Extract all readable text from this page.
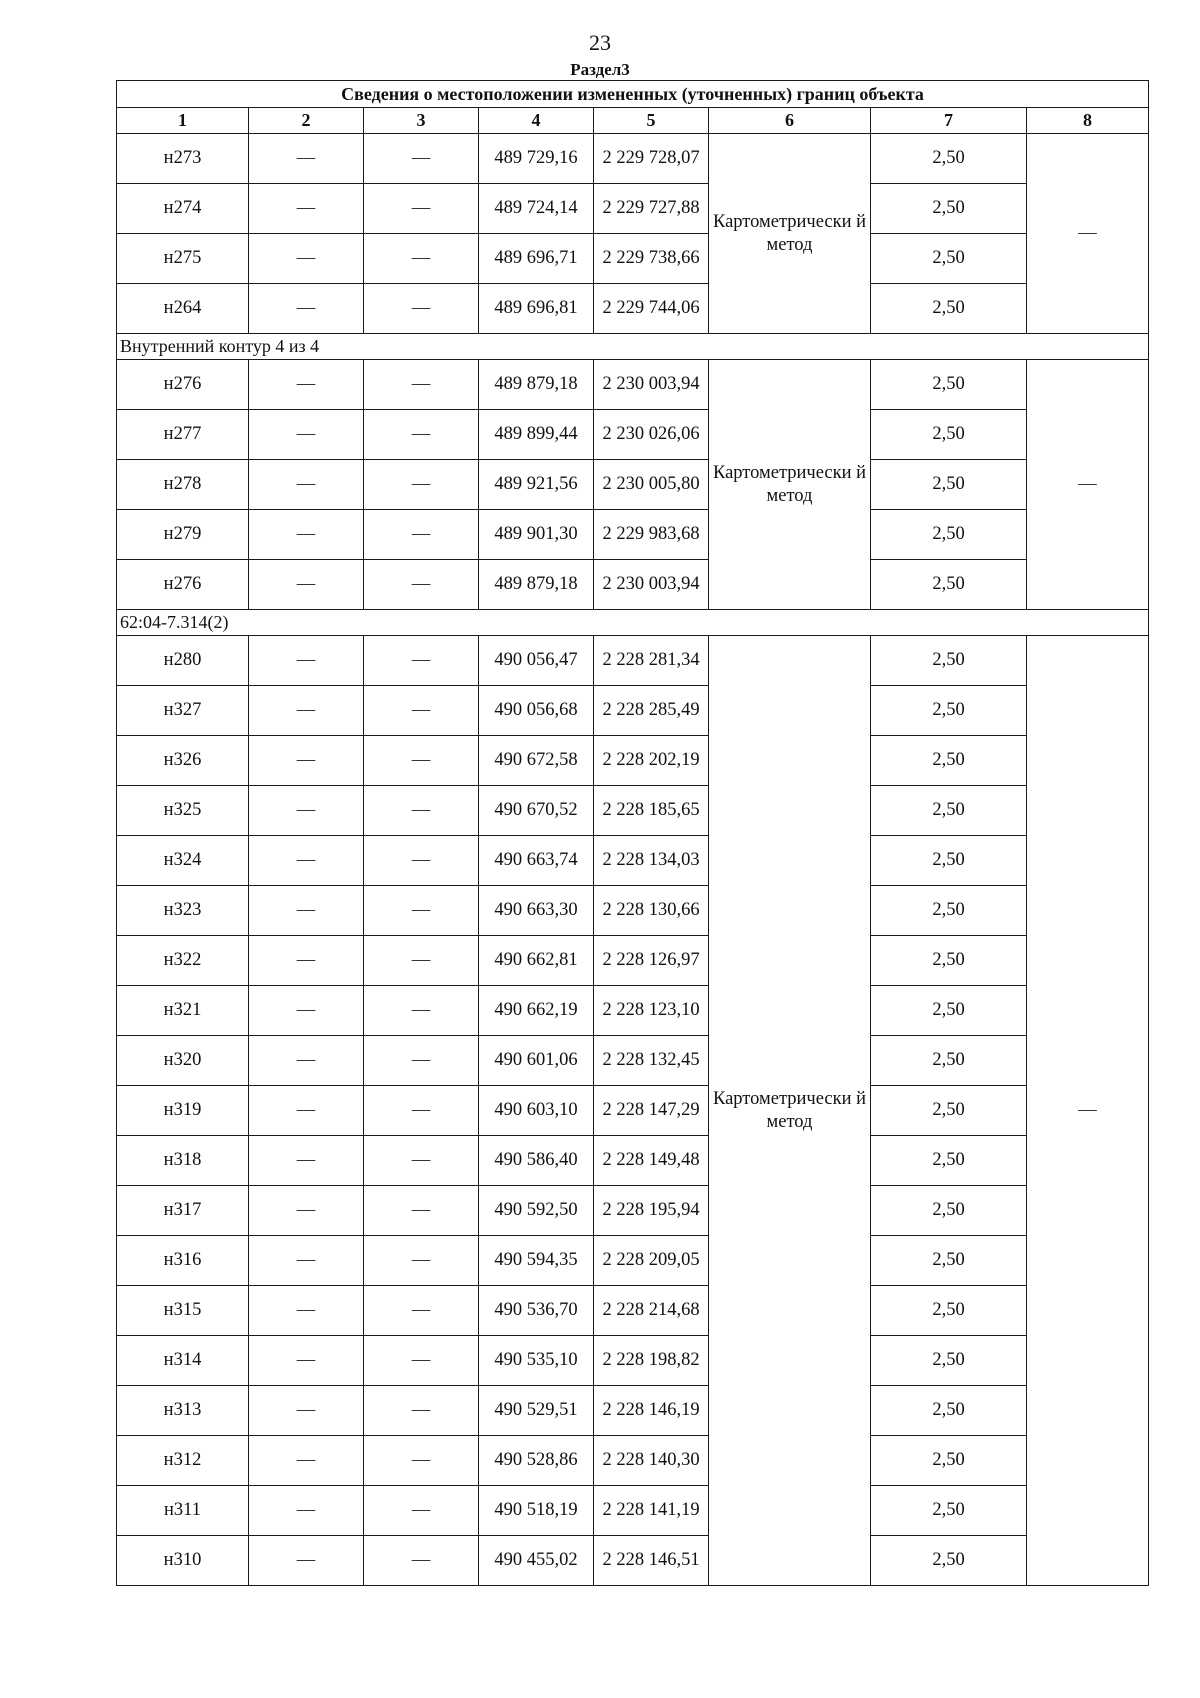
23
Раздел3
Сведения о местоположении измененных (уточненных) границ объекта							
1	2	3	4	5	6	7	8
н273	—	—	489 729,16	2 229 728,07	Картометрически й метод	2,50	—
н274	—	—	489 724,14	2 229 727,88		2,50	
н275	—	—	489 696,71	2 229 738,66		2,50	
н264	—	—	489 696,81	2 229 744,06		2,50	
Внутренний контур 4 из 4							
н276	—	—	489 879,18	2 230 003,94	Картометрически й метод	2,50	—
н277	—	—	489 899,44	2 230 026,06		2,50	
н278	—	—	489 921,56	2 230 005,80		2,50	
н279	—	—	489 901,30	2 229 983,68		2,50	
н276	—	—	489 879,18	2 230 003,94		2,50	
62:04-7.314(2)							
н280	—	—	490 056,47	2 228 281,34	Картометрически й метод	2,50	—
н327	—	—	490 056,68	2 228 285,49		2,50	
н326	—	—	490 672,58	2 228 202,19		2,50	
н325	—	—	490 670,52	2 228 185,65		2,50	
н324	—	—	490 663,74	2 228 134,03		2,50	
н323	—	—	490 663,30	2 228 130,66		2,50	
н322	—	—	490 662,81	2 228 126,97		2,50	
н321	—	—	490 662,19	2 228 123,10		2,50	
н320	—	—	490 601,06	2 228 132,45		2,50	
н319	—	—	490 603,10	2 228 147,29		2,50	
н318	—	—	490 586,40	2 228 149,48		2,50	
н317	—	—	490 592,50	2 228 195,94		2,50	
н316	—	—	490 594,35	2 228 209,05		2,50	
н315	—	—	490 536,70	2 228 214,68		2,50	
н314	—	—	490 535,10	2 228 198,82		2,50	
н313	—	—	490 529,51	2 228 146,19		2,50	
н312	—	—	490 528,86	2 228 140,30		2,50	
н311	—	—	490 518,19	2 228 141,19		2,50	
н310	—	—	490 455,02	2 228 146,51		2,50	
